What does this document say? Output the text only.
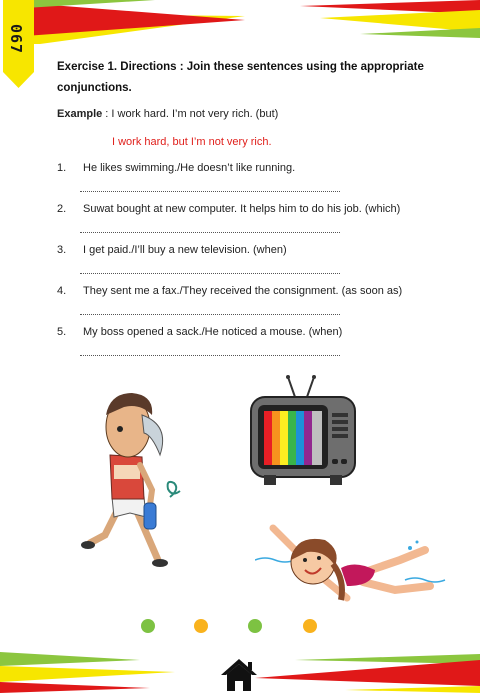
067
Exercise 1. Directions : Join these sentences using the appropriate conjunctions.
Example : I work hard. I’m not very rich. (but)
I work hard, but I’m not very rich.
1. He likes swimming./He doesn’t like running.
2. Suwat bought at new computer. It helps him to do his job. (which)
3. I get paid./I’ll buy a new television. (when)
4. They sent me a fax./They received the consignment. (as soon as)
5. My boss opened a sack./He noticed a mouse. (when)
